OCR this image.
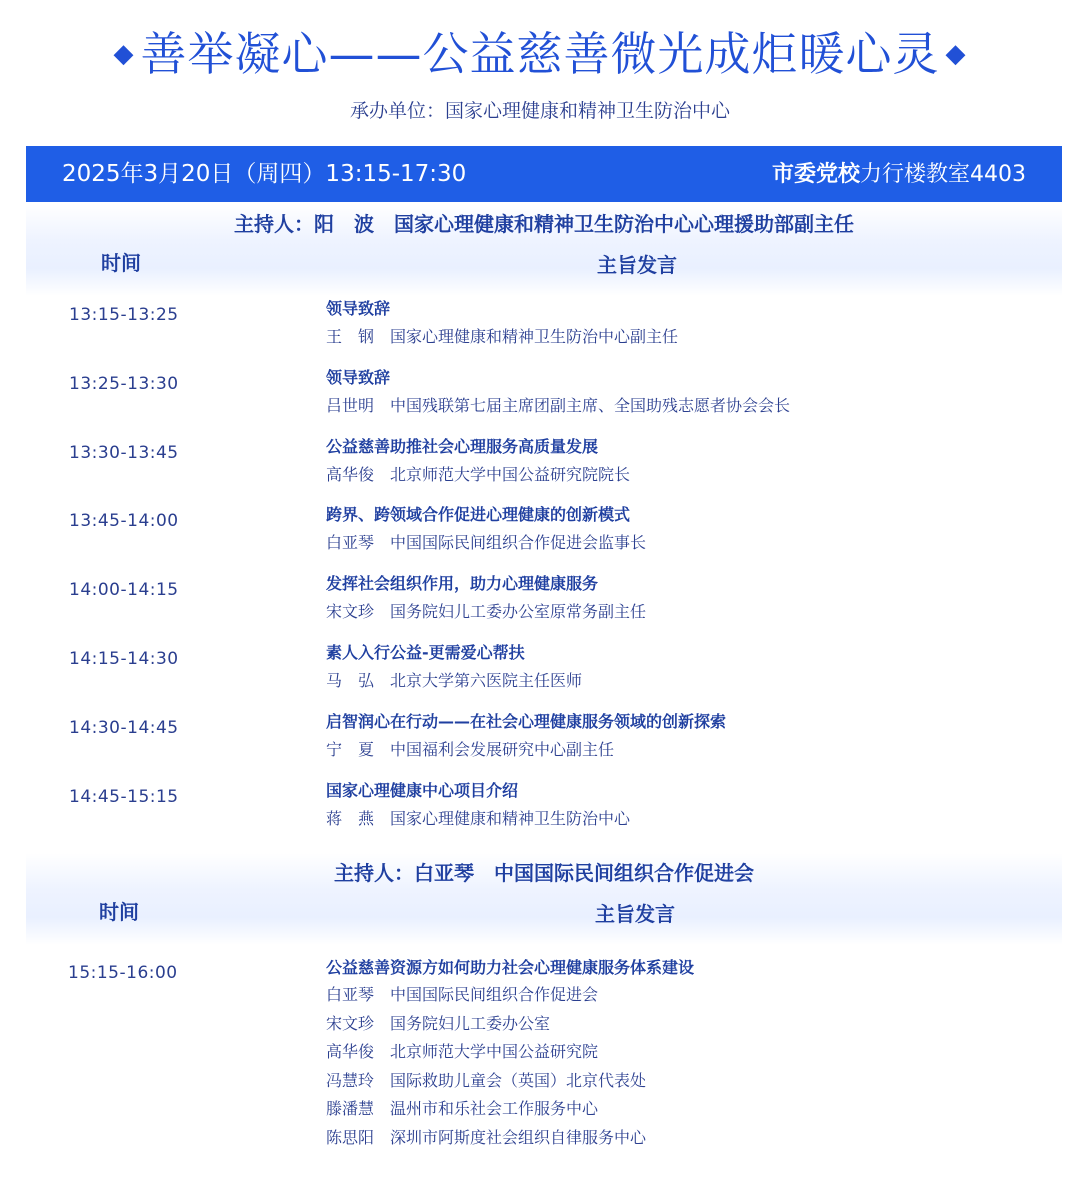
◆ 善举凝心——公益慈善微光成炬暖心灵 ◆
承办单位：国家心理健康和精神卫生防治中心
2025年3月20日（周四）13:15-17:30	市委党校力行楼教室4403
主持人：阳　波　国家心理健康和精神卫生防治中心心理援助部副主任
时间	主旨发言
13:15-13:25	领导致辞
王　钢 国家心理健康和精神卫生防治中心副主任
13:25-13:30	领导致辞
吕世明 中国残联第七届主席团副主席、全国助残志愿者协会会长
13:30-13:45	公益慈善助推社会心理服务高质量发展
高华俊 北京师范大学中国公益研究院院长
13:45-14:00	跨界、跨领域合作促进心理健康的创新模式
白亚琴 中国国际民间组织合作促进会监事长
14:00-14:15	发挥社会组织作用，助力心理健康服务
宋文珍 国务院妇儿工委办公室原常务副主任
14:15-14:30	素人入行公益-更需爱心帮扶
马　弘 北京大学第六医院主任医师
14:30-14:45	启智润心在行动——在社会心理健康服务领域的创新探索
宁　夏 中国福利会发展研究中心副主任
14:45-15:15	国家心理健康中心项目介绍
蒋　燕 国家心理健康和精神卫生防治中心
主持人：白亚琴　中国国际民间组织合作促进会
时间	主旨发言
15:15-16:00	公益慈善资源方如何助力社会心理健康服务体系建设
白亚琴 中国国际民间组织合作促进会
宋文珍 国务院妇儿工委办公室
高华俊 北京师范大学中国公益研究院
冯慧玲 国际救助儿童会（英国）北京代表处
滕潘慧 温州市和乐社会工作服务中心
陈思阳 深圳市阿斯度社会组织自律服务中心
